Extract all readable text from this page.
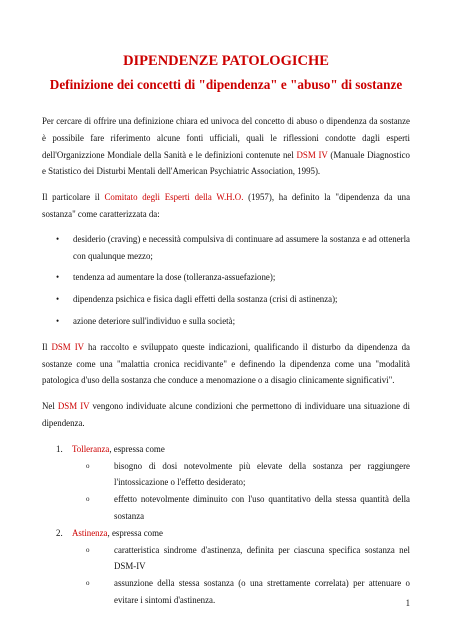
DIPENDENZE PATOLOGICHE
Definizione dei concetti di "dipendenza" e "abuso" di sostanze

Per cercare di offrire una definizione chiara ed univoca del concetto di abuso o dipendenza da sostanze è possibile fare riferimento alcune fonti ufficiali, quali le riflessioni condotte dagli esperti dell'Organizzione Mondiale della Sanità e le definizioni contenute nel DSM IV (Manuale Diagnostico e Statistico dei Disturbi Mentali dell'American Psychiatric Association, 1995).

Il particolare il Comitato degli Esperti della W.H.O. (1957), ha definito la "dipendenza da una sostanza" come caratterizzata da:

• desiderio (craving) e necessità compulsiva di continuare ad assumere la sostanza e ad ottenerla con qualunque mezzo;
• tendenza ad aumentare la dose (tolleranza-assuefazione);
• dipendenza psichica e fisica dagli effetti della sostanza (crisi di astinenza);
• azione deteriore sull'individuo e sulla società;

Il DSM IV ha raccolto e sviluppato queste indicazioni, qualificando il disturbo da dipendenza da sostanze come una "malattia cronica recidivante" e definendo la dipendenza come una "modalità patologica d'uso della sostanza che conduce a menomazione o a disagio clinicamente significativi".

Nel DSM IV vengono individuate alcune condizioni che permettono di individuare una situazione di dipendenza.

1. Tolleranza, espressa come
o	bisogno di dosi notevolmente più elevate della sostanza per raggiungere l'intossicazione o l'effetto desiderato;
o	effetto notevolmente diminuito con l'uso quantitativo della stessa quantità della sostanza
2. Astinenza, espressa come
o	caratteristica sindrome d'astinenza, definita per ciascuna specifica sostanza nel DSM-IV
o	assunzione della stessa sostanza (o una strettamente correlata) per attenuare o evitare i sintomi d'astinenza.	1
